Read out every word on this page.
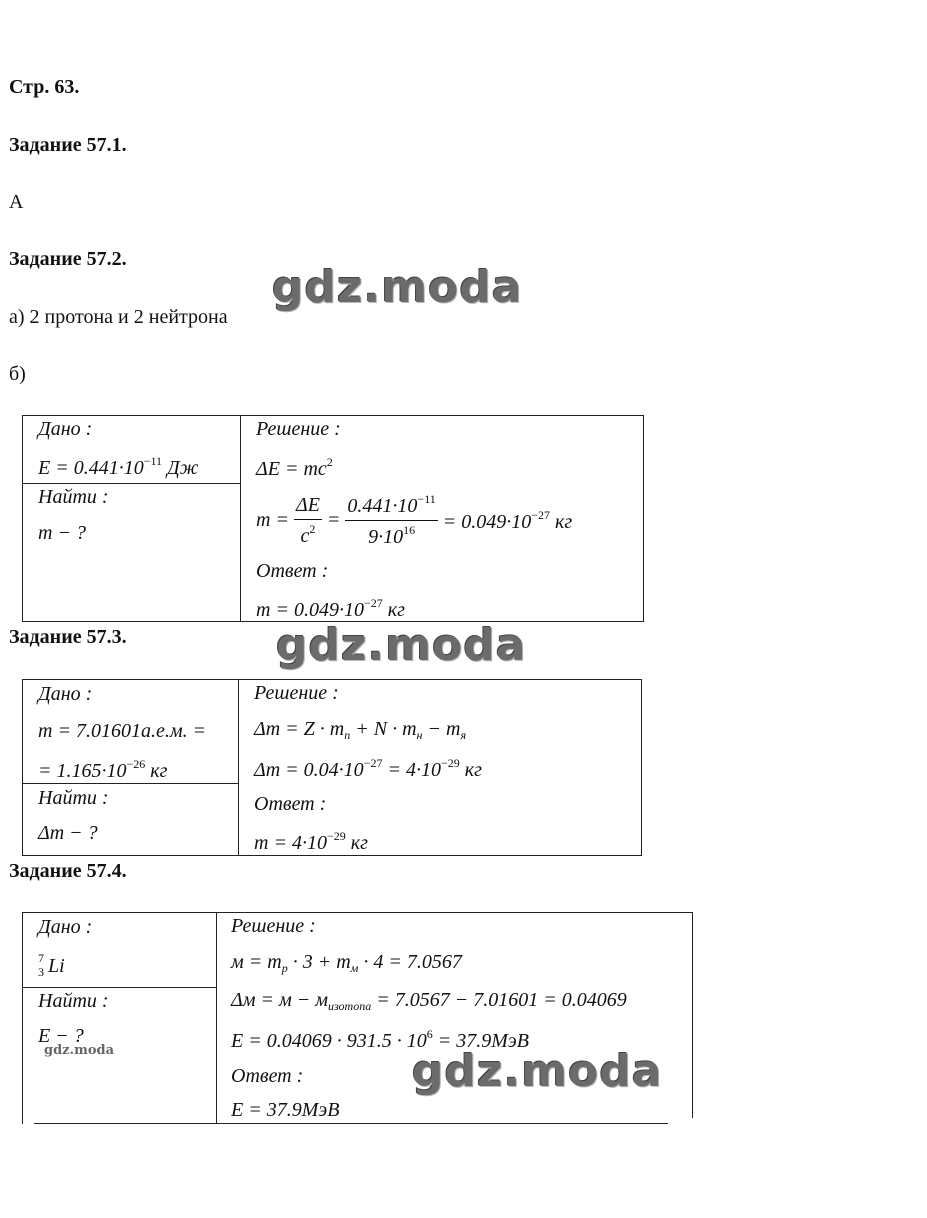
Стр. 63.
Задание 57.1.
А
Задание 57.2.
а) 2 протона и 2 нейтрона
б)
Задание 57.3.
Задание 57.4.
gdz.moda
gdz.moda
gdz.moda
gdz.moda
Дано :
$E = 0.441\cdot 10^{-11}$ Дж
Найти :
m − ?
Решение :
$\Delta E = mc^2$
$m = \frac{\Delta E}{c^2} = \frac{0.441\cdot 10^{-11}}{9\cdot 10^{16}} = 0.049\cdot 10^{-27}$ кг
Ответ :
$m = 0.049\cdot 10^{-27}$ кг
Дано :
m = 7.01601а.е.м. =
= $1.165\cdot 10^{-26}$ кг
Найти :
Δm − ?
Решение :
$\Delta m = Z \cdot m_п + N \cdot m_н - m_я$
$\Delta m = 0.04\cdot 10^{-27} = 4\cdot 10^{-29}$ кг
Ответ :
$m = 4\cdot 10^{-29}$ кг
Дано :
7
3 Li
Найти :
E − ?
Решение :
$м = m_p \cdot 3 + m_м \cdot 4 = 7.0567$
$\Delta м = м - м_{изотопа} = 7.0567 - 7.01601 = 0.04069$
$E = 0.04069 \cdot 931.5 \cdot 10^6 = 37.9МэВ$
Ответ :
E = 37.9МэВ
